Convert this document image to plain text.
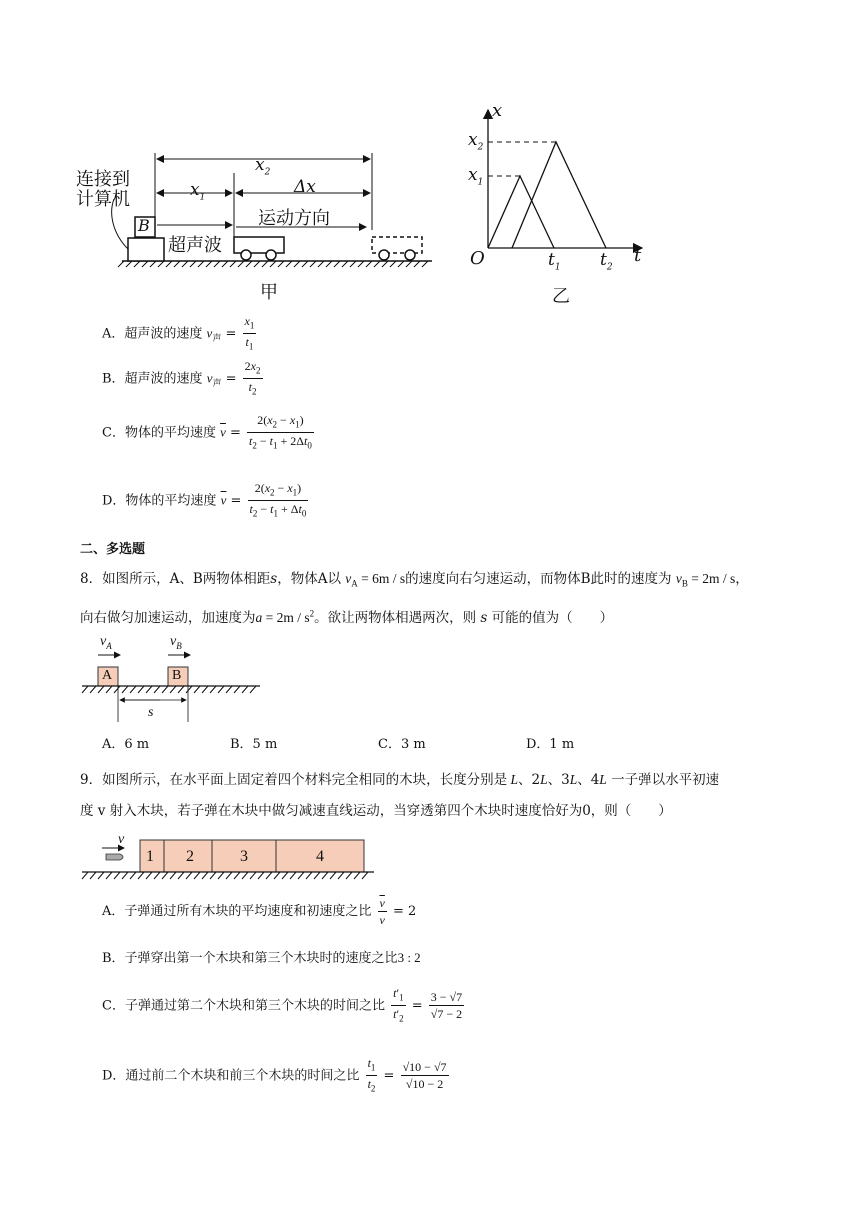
连接到
计算机
B
$x_2$
$x_1$
Δx
运动方向
超声波
甲
x
$x_2$
$x_1$
O	$t_1$ $t_2$
t
乙
A．超声波的速度 $v_声 = \frac{x_1}{t_1}$
B．超声波的速度 $v_声 = \frac{2x_2}{t_2}$
C．物体的平均速度 $\overline{v} = \frac{2(x_2 - x_1)}{t_2 - t_1 + 2\Delta t_0}$
D．物体的平均速度 $\overline{v} = \frac{2(x_2 - x_1)}{t_2 - t_1 + \Delta t_0}$
二、多选题
8．如图所示，A、B两物体相距s，物体A以 $v_A = 6m / s$的速度向右匀速运动，而物体B此时的速度为 $v_B = 2m / s$，
向右做匀加速运动，加速度为$a = 2m / s^2$。欲让两物体相遇两次，则 s 可能的值为（　　）
$v_A$	$v_B$
A	B
s
A．6 m	B．5 m	C．3 m	D．1 m
9．如图所示，在水平面上固定着四个材料完全相同的木块，长度分别是 L、2L、3L、4L 一子弹以水平初速
度 v 射入木块，若子弹在木块中做匀减速直线运动，当穿透第四个木块时速度恰好为0，则（　　）
v
1 2	3	4
A．子弹通过所有木块的平均速度和初速度之比 $\frac{\overline{v}}{v} = 2$
B．子弹穿出第一个木块和第三个木块时的速度之比3 : 2
C．子弹通过第二个木块和第三个木块的时间之比 $\frac{t'_1}{t'_2} = \frac{3 - √7}{√7 - 2}$
D．通过前二个木块和前三个木块的时间之比 $\frac{t_1}{t_2} = \frac{√10 - √7}{√10 - 2}$
